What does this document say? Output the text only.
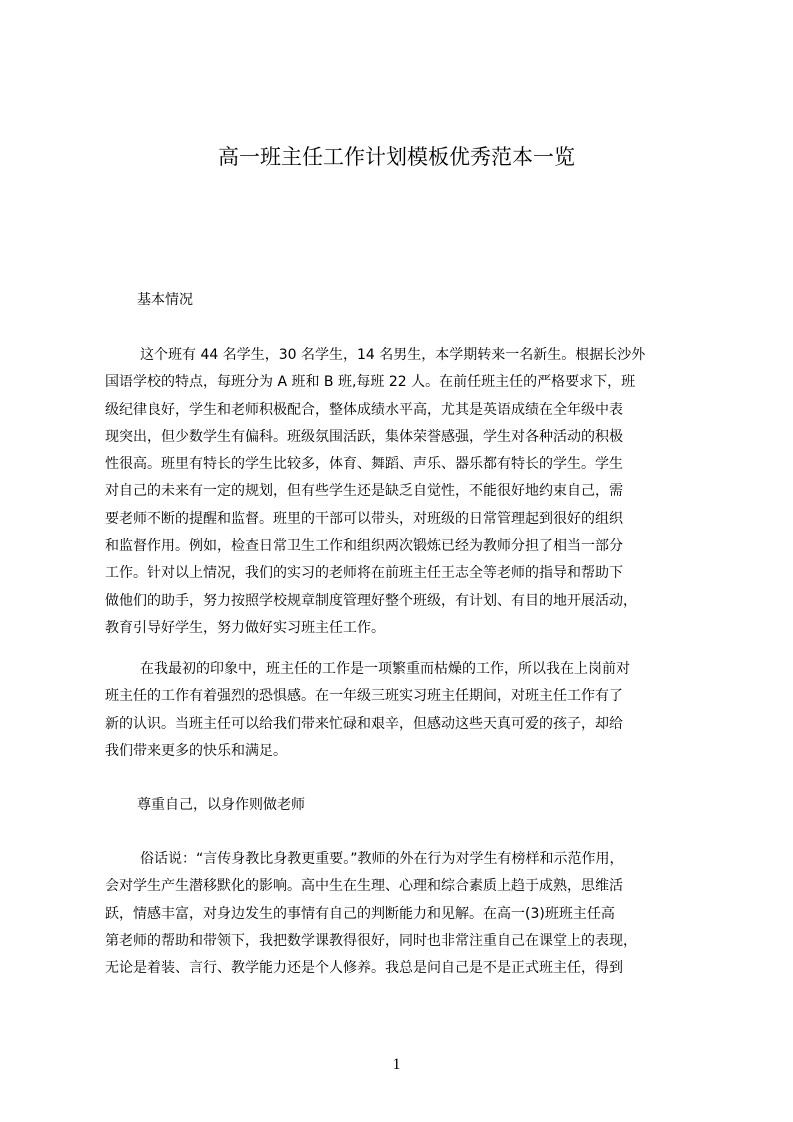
高一班主任工作计划模板优秀范本一览
基本情况
这个班有 44 名学生，30 名学生，14 名男生，本学期转来一名新生。根据长沙外
国语学校的特点，每班分为 A 班和 B 班,每班 22 人。在前任班主任的严格要求下，班
级纪律良好，学生和老师积极配合，整体成绩水平高，尤其是英语成绩在全年级中表
现突出，但少数学生有偏科。班级氛围活跃，集体荣誉感强，学生对各种活动的积极
性很高。班里有特长的学生比较多，体育、舞蹈、声乐、器乐都有特长的学生。学生
对自己的未来有一定的规划，但有些学生还是缺乏自觉性，不能很好地约束自己，需
要老师不断的提醒和监督。班里的干部可以带头，对班级的日常管理起到很好的组织
和监督作用。例如，检查日常卫生工作和组织两次锻炼已经为教师分担了相当一部分
工作。针对以上情况，我们的实习的老师将在前班主任王志全等老师的指导和帮助下
做他们的助手，努力按照学校规章制度管理好整个班级，有计划、有目的地开展活动，
教育引导好学生，努力做好实习班主任工作。
在我最初的印象中，班主任的工作是一项繁重而枯燥的工作，所以我在上岗前对
班主任的工作有着强烈的恐惧感。在一年级三班实习班主任期间，对班主任工作有了
新的认识。当班主任可以给我们带来忙碌和艰辛，但感动这些天真可爱的孩子，却给
我们带来更多的快乐和满足。
尊重自己，以身作则做老师
俗话说：“言传身教比身教更重要。”教师的外在行为对学生有榜样和示范作用，
会对学生产生潜移默化的影响。高中生在生理、心理和综合素质上趋于成熟，思维活
跃，情感丰富，对身边发生的事情有自己的判断能力和见解。在高一(3)班班主任高
第老师的帮助和带领下，我把数学课教得很好，同时也非常注重自己在课堂上的表现，
无论是着装、言行、教学能力还是个人修养。我总是问自己是不是正式班主任，得到
1
